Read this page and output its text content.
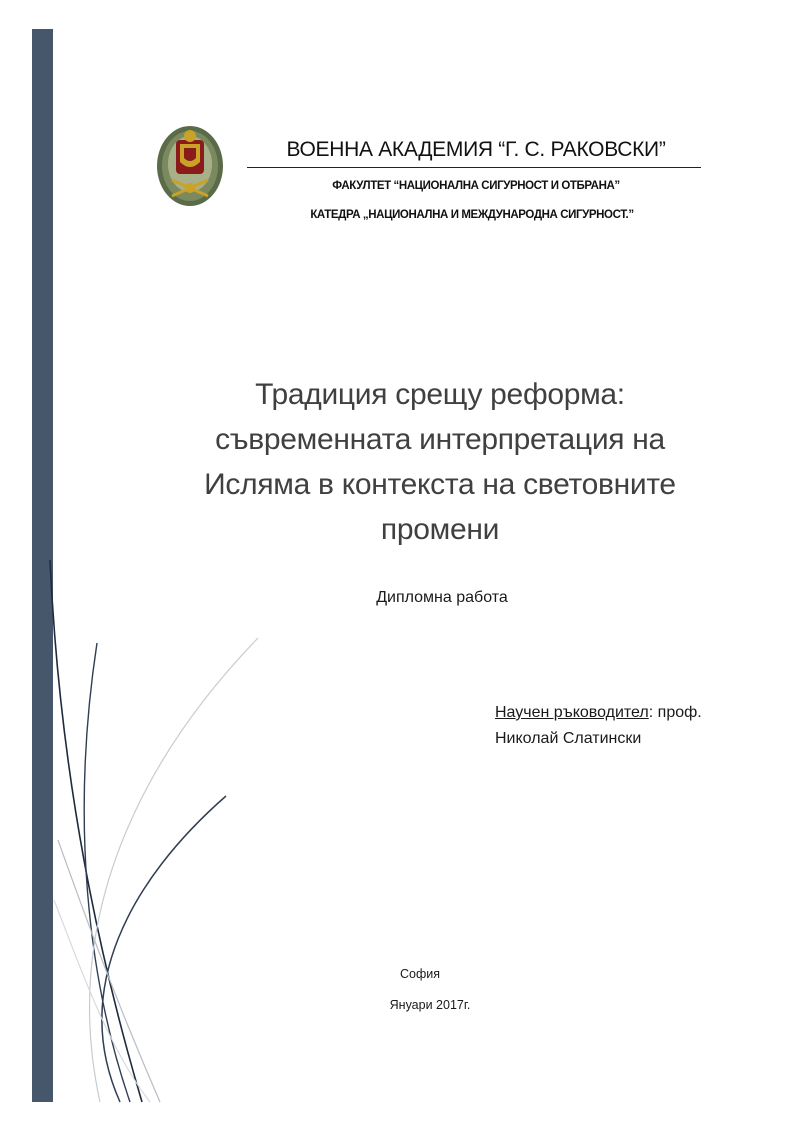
ВОЕННА АКАДЕМИЯ “Г. С. РАКОВСКИ”
ФАКУЛТЕТ “НАЦИОНАЛНА СИГУРНОСТ И ОТБРАНА”
КАТЕДРА „НАЦИОНАЛНА И МЕЖДУНАРОДНА СИГУРНОСТ.”
Традиция срещу реформа:
съвременната интерпретация на
Исляма в контекста на световните
промени
Дипломна работа
Научен ръководител: проф.
Николай Слатински
София
Януари 2017г.
